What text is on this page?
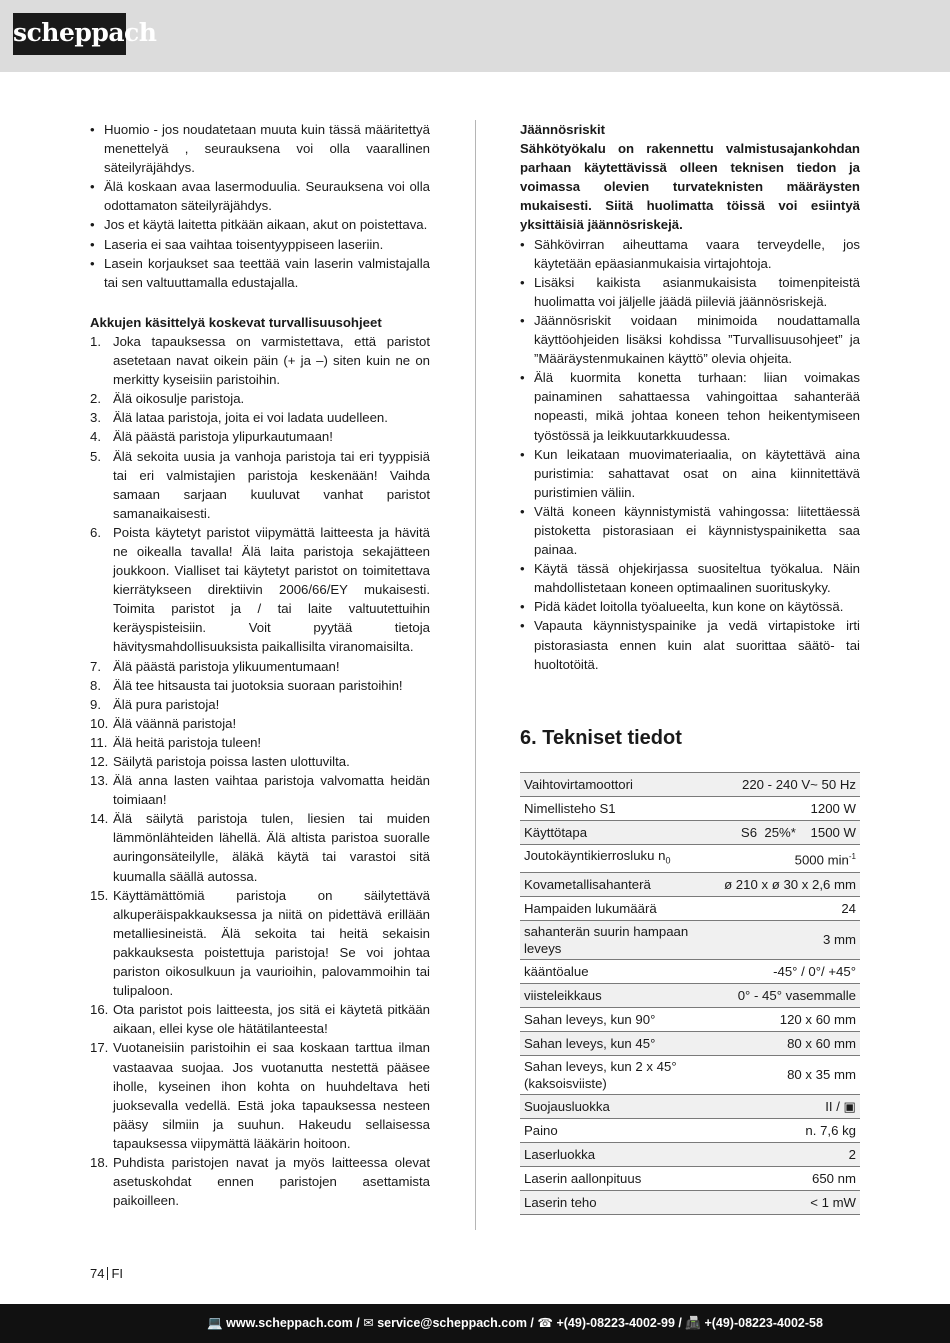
scheppach
• Huomio - jos noudatetaan muuta kuin tässä määritettyä menettelyä , seurauksena voi olla vaarallinen säteilyräjähdys.
• Älä koskaan avaa lasermoduulia. Seurauksena voi olla odottamaton säteilyräjähdys.
• Jos et käytä laitetta pitkään aikaan, akut on poistettava.
• Laseria ei saa vaihtaa toisentyyppiseen laseriin.
• Lasein korjaukset saa teettää vain laserin valmistajalla tai sen valtuuttamalla edustajalla.
Akkujen käsittelyä koskevat turvallisuusohjeet
1. Joka tapauksessa on varmistettava, että paristot asetetaan navat oikein päin (+ ja –) siten kuin ne on merkitty kyseisiin paristoihin.
2. Älä oikosulje paristoja.
3. Älä lataa paristoja, joita ei voi ladata uudelleen.
4. Älä päästä paristoja ylipurkautumaan!
5. Älä sekoita uusia ja vanhoja paristoja tai eri tyyppisiä tai eri valmistajien paristoja keskenään! Vaihda samaan sarjaan kuuluvat vanhat paristot samanaikaisesti.
6. Poista käytetyt paristot viipymättä laitteesta ja hävitä ne oikealla tavalla! Älä laita paristoja sekajätteen joukkoon. Vialliset tai käytetyt paristot on toimitettava kierrätykseen direktiivin 2006/66/EY mukaisesti. Toimita paristot ja / tai laite valtuutettuihin keräyspisteisiin. Voit pyytää tietoja hävitysmahdollisuuksista paikallisilta viranomaisilta.
7. Älä päästä paristoja ylikuumentumaan!
8. Älä tee hitsausta tai juotoksia suoraan paristoihin!
9. Älä pura paristoja!
10. Älä väännä paristoja!
11. Älä heitä paristoja tuleen!
12. Säilytä paristoja poissa lasten ulottuvilta.
13. Älä anna lasten vaihtaa paristoja valvomatta heidän toimiaan!
14. Älä säilytä paristoja tulen, liesien tai muiden lämmönlähteiden lähellä. Älä altista paristoa suoralle auringonsäteilylle, äläkä käytä tai varastoi sitä kuumalla säällä autossa.
15. Käyttämättömiä paristoja on säilytettävä alkuperäispakkauksessa ja niitä on pidettävä erillään metalliesineistä. Älä sekoita tai heitä sekaisin pakkauksesta poistettuja paristoja! Se voi johtaa pariston oikosulkuun ja vaurioihin, palovammoihin tai tulipaloon.
16. Ota paristot pois laitteesta, jos sitä ei käytetä pitkään aikaan, ellei kyse ole hätätilanteesta!
17. Vuotaneisiin paristoihin ei saa koskaan tarttua ilman vastaavaa suojaa. Jos vuotanutta nestettä pääsee iholle, kyseinen ihon kohta on huuhdeltava heti juoksevalla vedellä. Estä joka tapauksessa nesteen pääsy silmiin ja suuhun. Hakeudu sellaisessa tapauksessa viipymättä lääkärin hoitoon.
18. Puhdista paristojen navat ja myös laitteessa olevat asetuskohdat ennen paristojen asettamista paikoilleen.
Jäännösriskit
Sähkötyökalu on rakennettu valmistusajankohdan parhaan käytettävissä olleen teknisen tiedon ja voimassa olevien turvateknisten määräysten mukaisesti. Siitä huolimatta töissä voi esiintyä yksittäisiä jäännösriskejä.
• Sähkövirran aiheuttama vaara terveydelle, jos käytetään epäasianmukaisia virtajohtoja.
• Lisäksi kaikista asianmukaisista toimenpiteistä huolimatta voi jäljelle jäädä piileviä jäännösriskejä.
• Jäännösriskit voidaan minimoida noudattamalla käyttöohjeiden lisäksi kohdissa ”Turvallisuusohjeet” ja ”Määräystenmukainen käyttö” olevia ohjeita.
• Älä kuormita konetta turhaan: liian voimakas painaminen sahattaessa vahingoittaa sahanterää nopeasti, mikä johtaa koneen tehon heikentymiseen työstössä ja leikkuutarkkuudessa.
• Kun leikataan muovimateriaalia, on käytettävä aina puristimia: sahattavat osat on aina kiinnitettävä puristimien väliin.
• Vältä koneen käynnistymistä vahingossa: liitettäessä pistoketta pistorasiaan ei käynnistyspainiketta saa painaa.
• Käytä tässä ohjekirjassa suositeltua työkalua. Näin mahdollistetaan koneen optimaalinen suorituskyky.
• Pidä kädet loitolla työalueelta, kun kone on käytössä.
• Vapauta käynnistyspainike ja vedä virtapistoke irti pistorasiasta ennen kuin alat suorittaa säätö- tai huoltotöitä.
6. Tekniset tiedot
Vaihtovirtamoottori	220 - 240 V~ 50 Hz
Nimellisteho S1	1200 W
Käyttötapa	S6  25%*    1500 W
Joutokäyntikierrosluku $n_0$	5000 $\min^{-1}$
Kovametallisahanterä	ø 210 x ø 30 x 2,6 mm
Hampaiden lukumäärä	24
sahanterän suurin hampaan leveys	3 mm
kääntöalue	-45° / 0°/ +45°
viisteleikkaus	0° - 45° vasemmalle
Sahan leveys, kun 90°	120 x 60 mm
Sahan leveys, kun 45°	80 x 60 mm
Sahan leveys, kun 2 x 45° (kaksoisviiste)	80 x 35 mm
Suojausluokka	II / ▣
Paino	n. 7,6 kg
Laserluokka	2
Laserin aallonpituus	650 nm
Laserin teho	< 1 mW
74 FI
💻 www.scheppach.com / ✉ service@scheppach.com / ☎ +(49)-08223-4002-99 / 📠 +(49)-08223-4002-58
